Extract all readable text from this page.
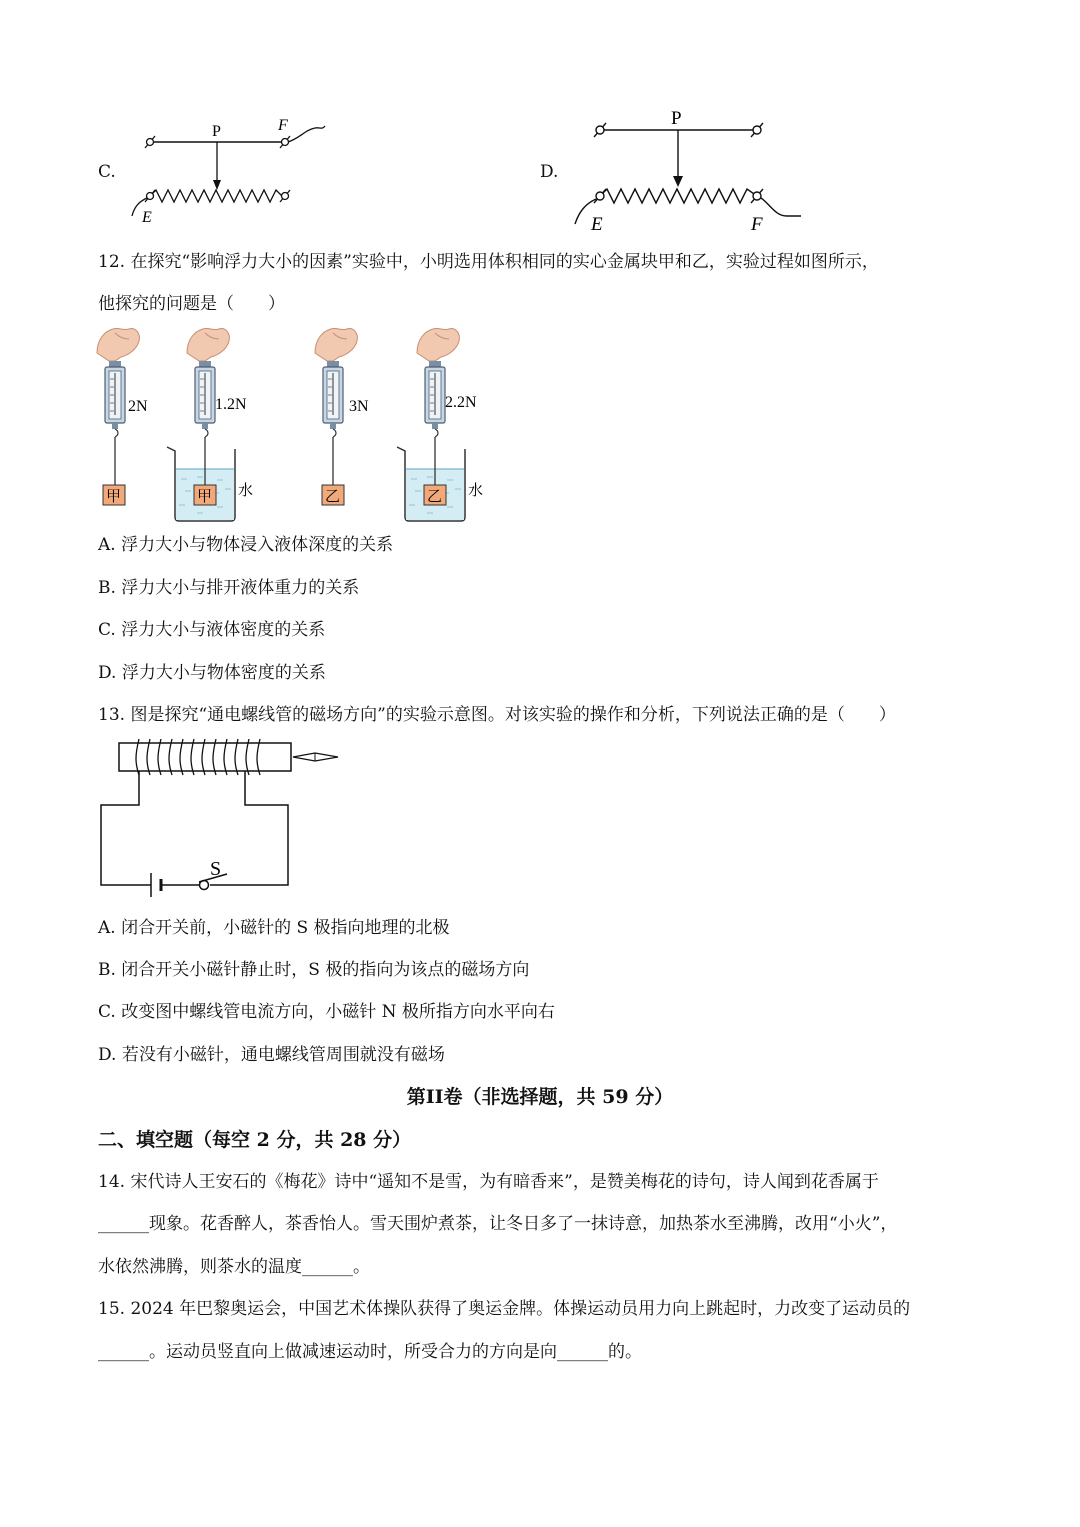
C.
P	F
E
D.
P
E	F
12. 在探究“影响浮力大小的因素”实验中，小明选用体积相同的实心金属块甲和乙，实验过程如图所示，
他探究的问题是（　　）
2N
甲
1.2N
甲 水
3N
乙
2.2N
乙 水
A. 浮力大小与物体浸入液体深度的关系
B. 浮力大小与排开液体重力的关系
C. 浮力大小与液体密度的关系
D. 浮力大小与物体密度的关系
13. 图是探究“通电螺线管的磁场方向”的实验示意图。对该实验的操作和分析，下列说法正确的是（　　）
S
A. 闭合开关前，小磁针的 S 极指向地理的北极
B. 闭合开关小磁针静止时，S 极的指向为该点的磁场方向
C. 改变图中螺线管电流方向，小磁针 N 极所指方向水平向右
D. 若没有小磁针，通电螺线管周围就没有磁场
第II卷（非选择题，共 59 分）
二、填空题（每空 2 分，共 28 分）
14. 宋代诗人王安石的《梅花》诗中“遥知不是雪，为有暗香来”，是赞美梅花的诗句，诗人闻到花香属于
______现象。花香醉人，茶香怡人。雪天围炉煮茶，让冬日多了一抹诗意，加热茶水至沸腾，改用“小火”，
水依然沸腾，则茶水的温度______。
15. 2024 年巴黎奥运会，中国艺术体操队获得了奥运金牌。体操运动员用力向上跳起时，力改变了运动员的
______。运动员竖直向上做减速运动时，所受合力的方向是向______的。
